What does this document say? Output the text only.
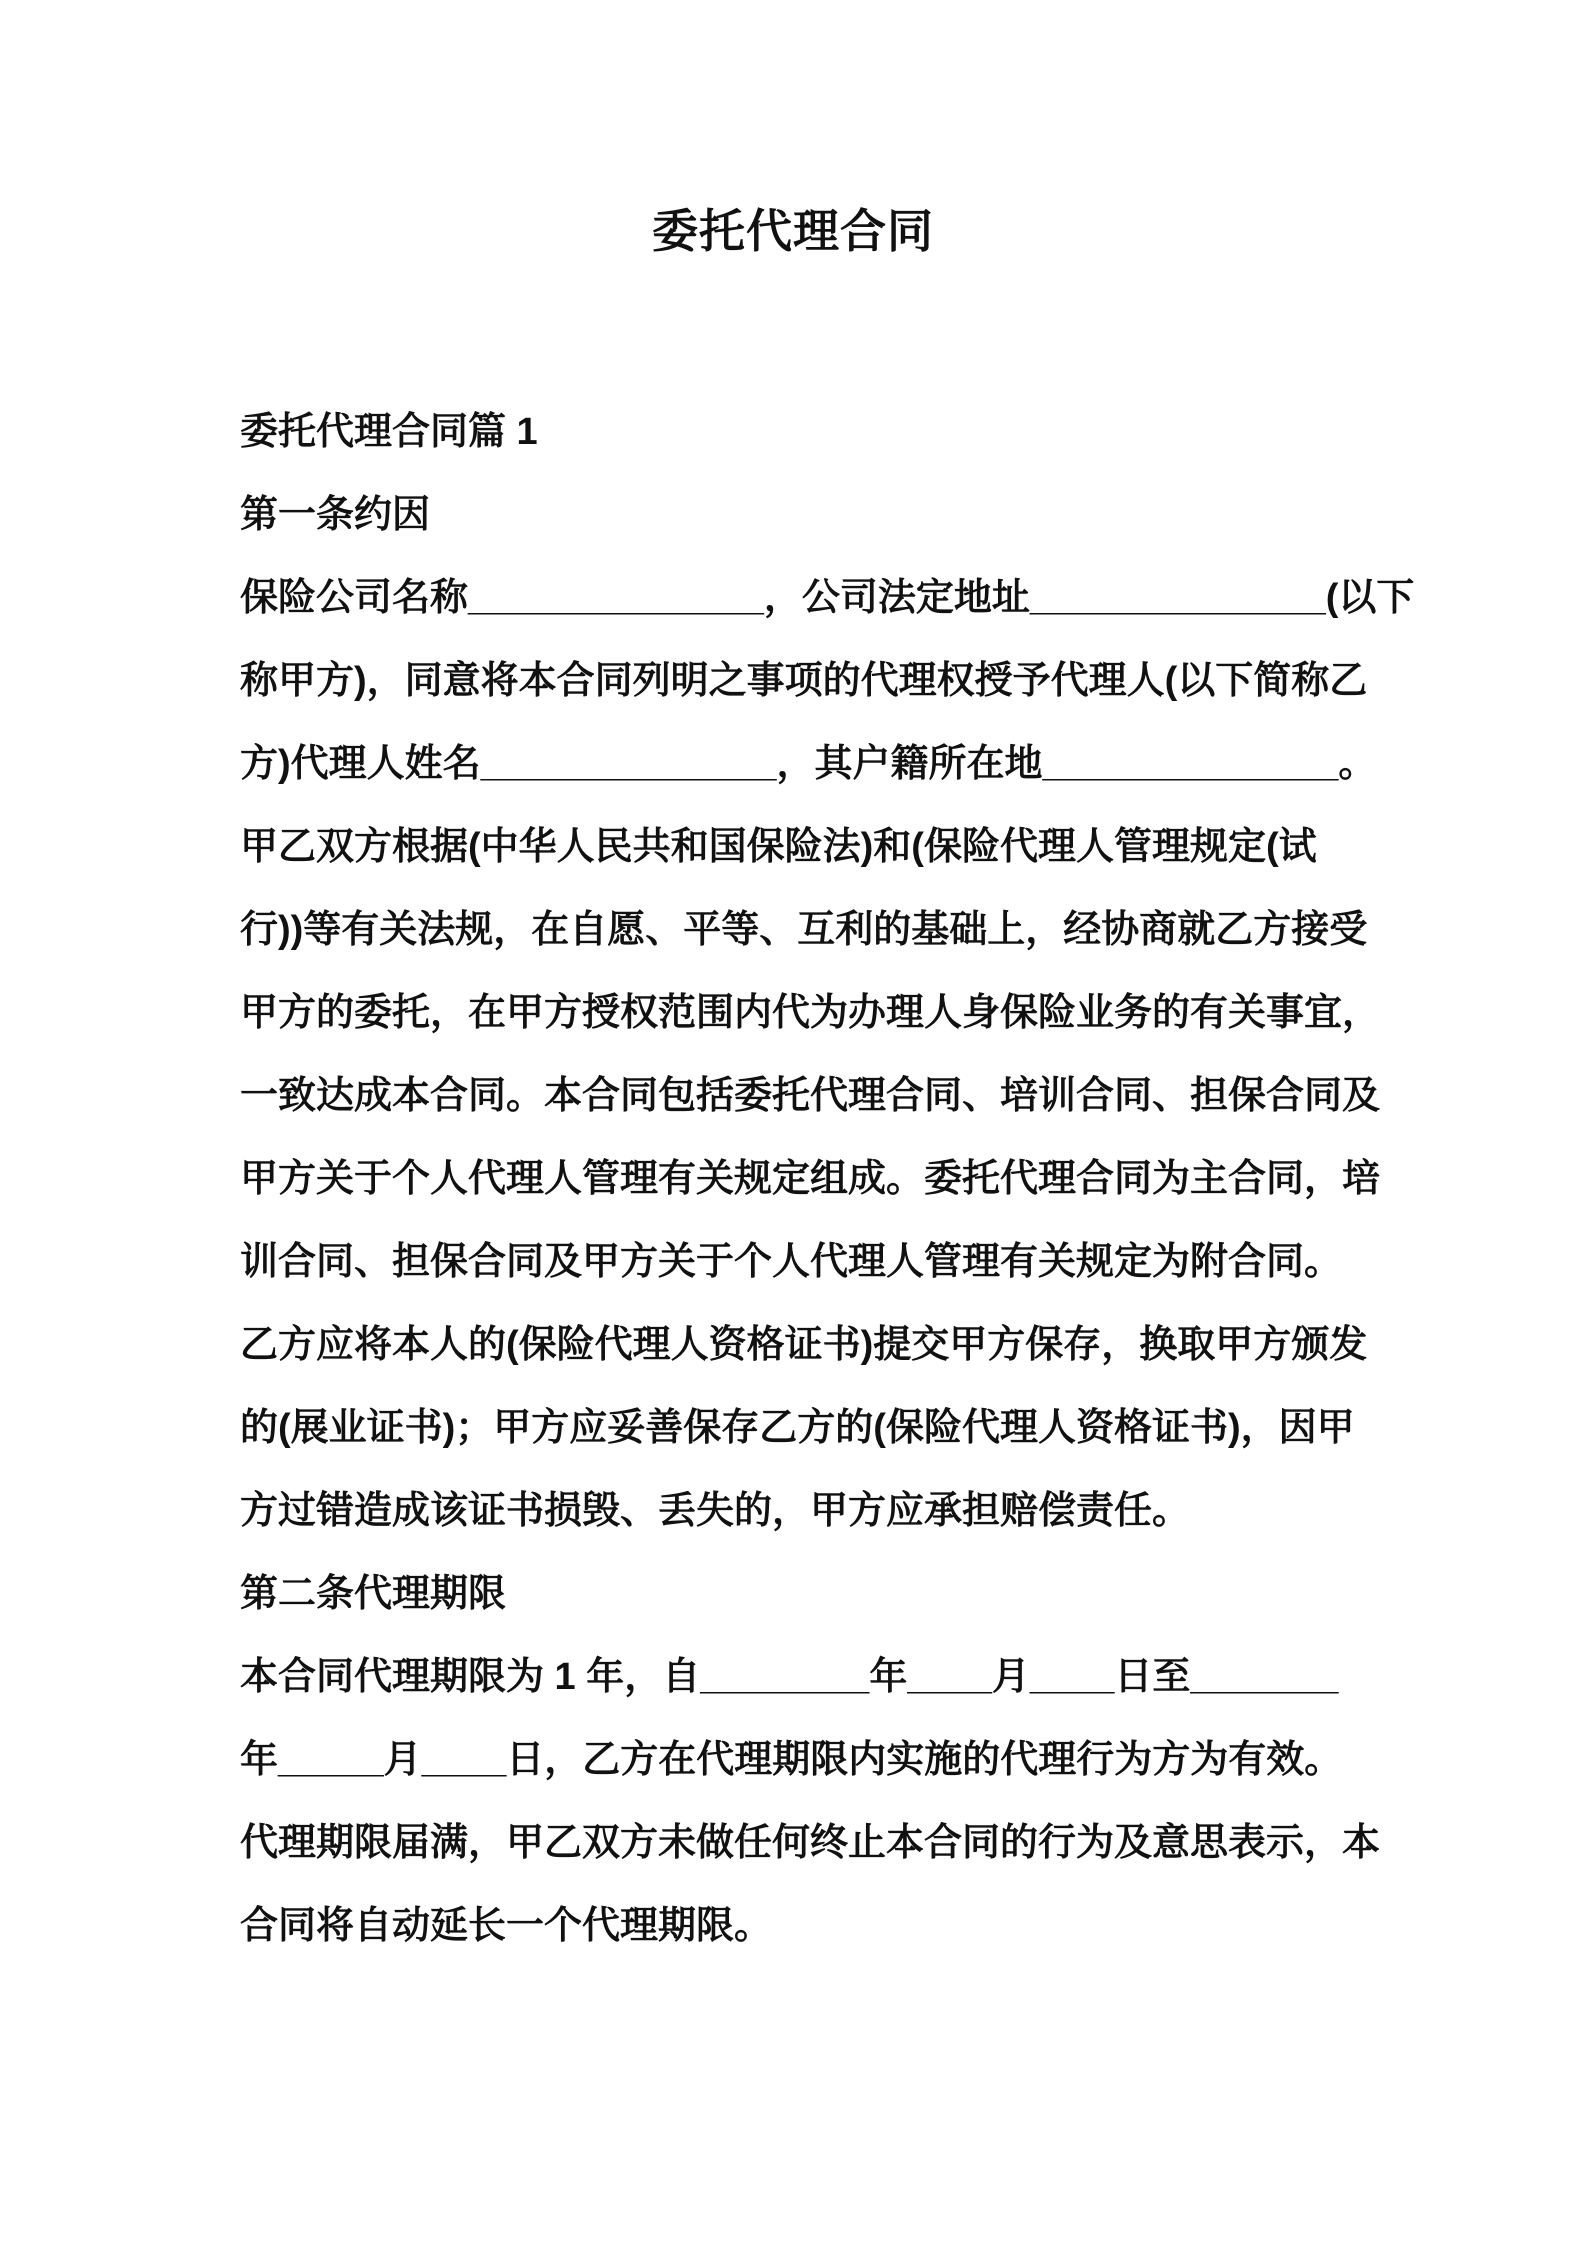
委托代理合同
委托代理合同篇 1
第一条约因
保险公司名称______________，公司法定地址______________(以下
称甲方)，同意将本合同列明之事项的代理权授予代理人(以下简称乙
方)代理人姓名______________，其户籍所在地______________。
甲乙双方根据(中华人民共和国保险法)和(保险代理人管理规定(试
行))等有关法规，在自愿、平等、互利的基础上，经协商就乙方接受
甲方的委托，在甲方授权范围内代为办理人身保险业务的有关事宜，
一致达成本合同。本合同包括委托代理合同、培训合同、担保合同及
甲方关于个人代理人管理有关规定组成。委托代理合同为主合同，培
训合同、担保合同及甲方关于个人代理人管理有关规定为附合同。
乙方应将本人的(保险代理人资格证书)提交甲方保存，换取甲方颁发
的(展业证书)；甲方应妥善保存乙方的(保险代理人资格证书)，因甲
方过错造成该证书损毁、丢失的，甲方应承担赔偿责任。
第二条代理期限
本合同代理期限为 1 年，自________年____月____日至_______
年_____月____日，乙方在代理期限内实施的代理行为方为有效。
代理期限届满，甲乙双方未做任何终止本合同的行为及意思表示，本
合同将自动延长一个代理期限。
